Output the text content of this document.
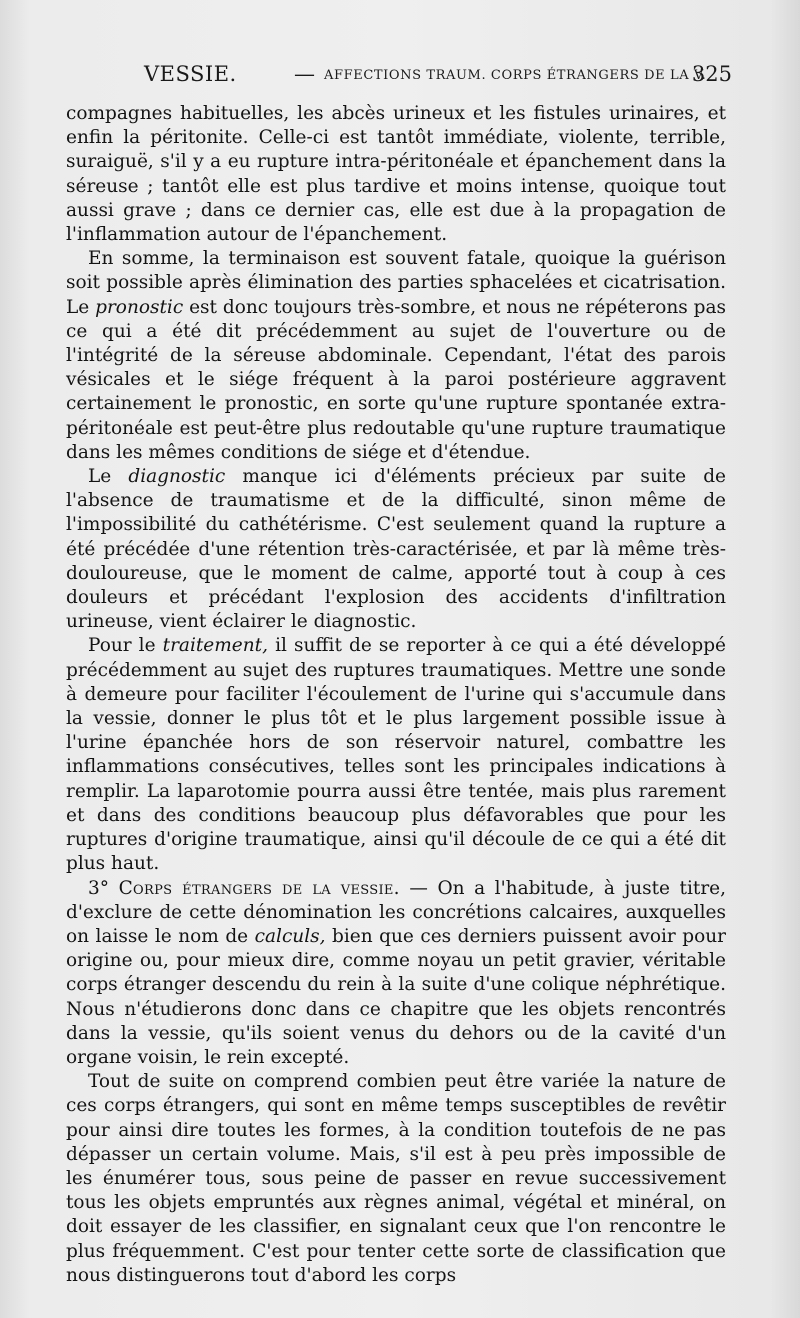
VESSIE.	— AFFECTIONS TRAUM. CORPS ÉTRANGERS DE LA V.
325

compagnes habituelles, les abcès urineux et les fistules urinaires, et enfin la péritonite. Celle-ci est tantôt immédiate, violente, terrible, suraiguë, s'il y a eu rupture intra-péritonéale et épanchement dans la séreuse ; tantôt elle est plus tardive et moins intense, quoique tout aussi grave ; dans ce dernier cas, elle est due à la propagation de l'inflammation autour de l'épanchement.

En somme, la terminaison est souvent fatale, quoique la guérison soit possible après élimination des parties sphacelées et cicatrisation. Le pronostic est donc toujours très-sombre, et nous ne répéterons pas ce qui a été dit précédemment au sujet de l'ouverture ou de l'intégrité de la séreuse abdominale. Cependant, l'état des parois vésicales et le siége fréquent à la paroi postérieure aggravent certainement le pronostic, en sorte qu'une rupture spontanée extra-péritonéale est peut-être plus redoutable qu'une rupture traumatique dans les mêmes conditions de siége et d'étendue.

Le diagnostic manque ici d'éléments précieux par suite de l'absence de traumatisme et de la difficulté, sinon même de l'impossibilité du cathétérisme. C'est seulement quand la rupture a été précédée d'une rétention très-caractérisée, et par là même très-douloureuse, que le moment de calme, apporté tout à coup à ces douleurs et précédant l'explosion des accidents d'infiltration urineuse, vient éclairer le diagnostic.

Pour le traitement, il suffit de se reporter à ce qui a été développé précédemment au sujet des ruptures traumatiques. Mettre une sonde à demeure pour faciliter l'écoulement de l'urine qui s'accumule dans la vessie, donner le plus tôt et le plus largement possible issue à l'urine épanchée hors de son réservoir naturel, combattre les inflammations consécutives, telles sont les principales indications à remplir. La laparotomie pourra aussi être tentée, mais plus rarement et dans des conditions beaucoup plus défavorables que pour les ruptures d'origine traumatique, ainsi qu'il découle de ce qui a été dit plus haut.

3° Corps étrangers de la vessie. — On a l'habitude, à juste titre, d'exclure de cette dénomination les concrétions calcaires, auxquelles on laisse le nom de calculs, bien que ces derniers puissent avoir pour origine ou, pour mieux dire, comme noyau un petit gravier, véritable corps étranger descendu du rein à la suite d'une colique néphrétique. Nous n'étudierons donc dans ce chapitre que les objets rencontrés dans la vessie, qu'ils soient venus du dehors ou de la cavité d'un organe voisin, le rein excepté.

Tout de suite on comprend combien peut être variée la nature de ces corps étrangers, qui sont en même temps susceptibles de revêtir pour ainsi dire toutes les formes, à la condition toutefois de ne pas dépasser un certain volume. Mais, s'il est à peu près impossible de les énumérer tous, sous peine de passer en revue successivement tous les objets empruntés aux règnes animal, végétal et minéral, on doit essayer de les classifier, en signalant ceux que l'on rencontre le plus fréquemment. C'est pour tenter cette sorte de classification que nous distinguerons tout d'abord les corps
